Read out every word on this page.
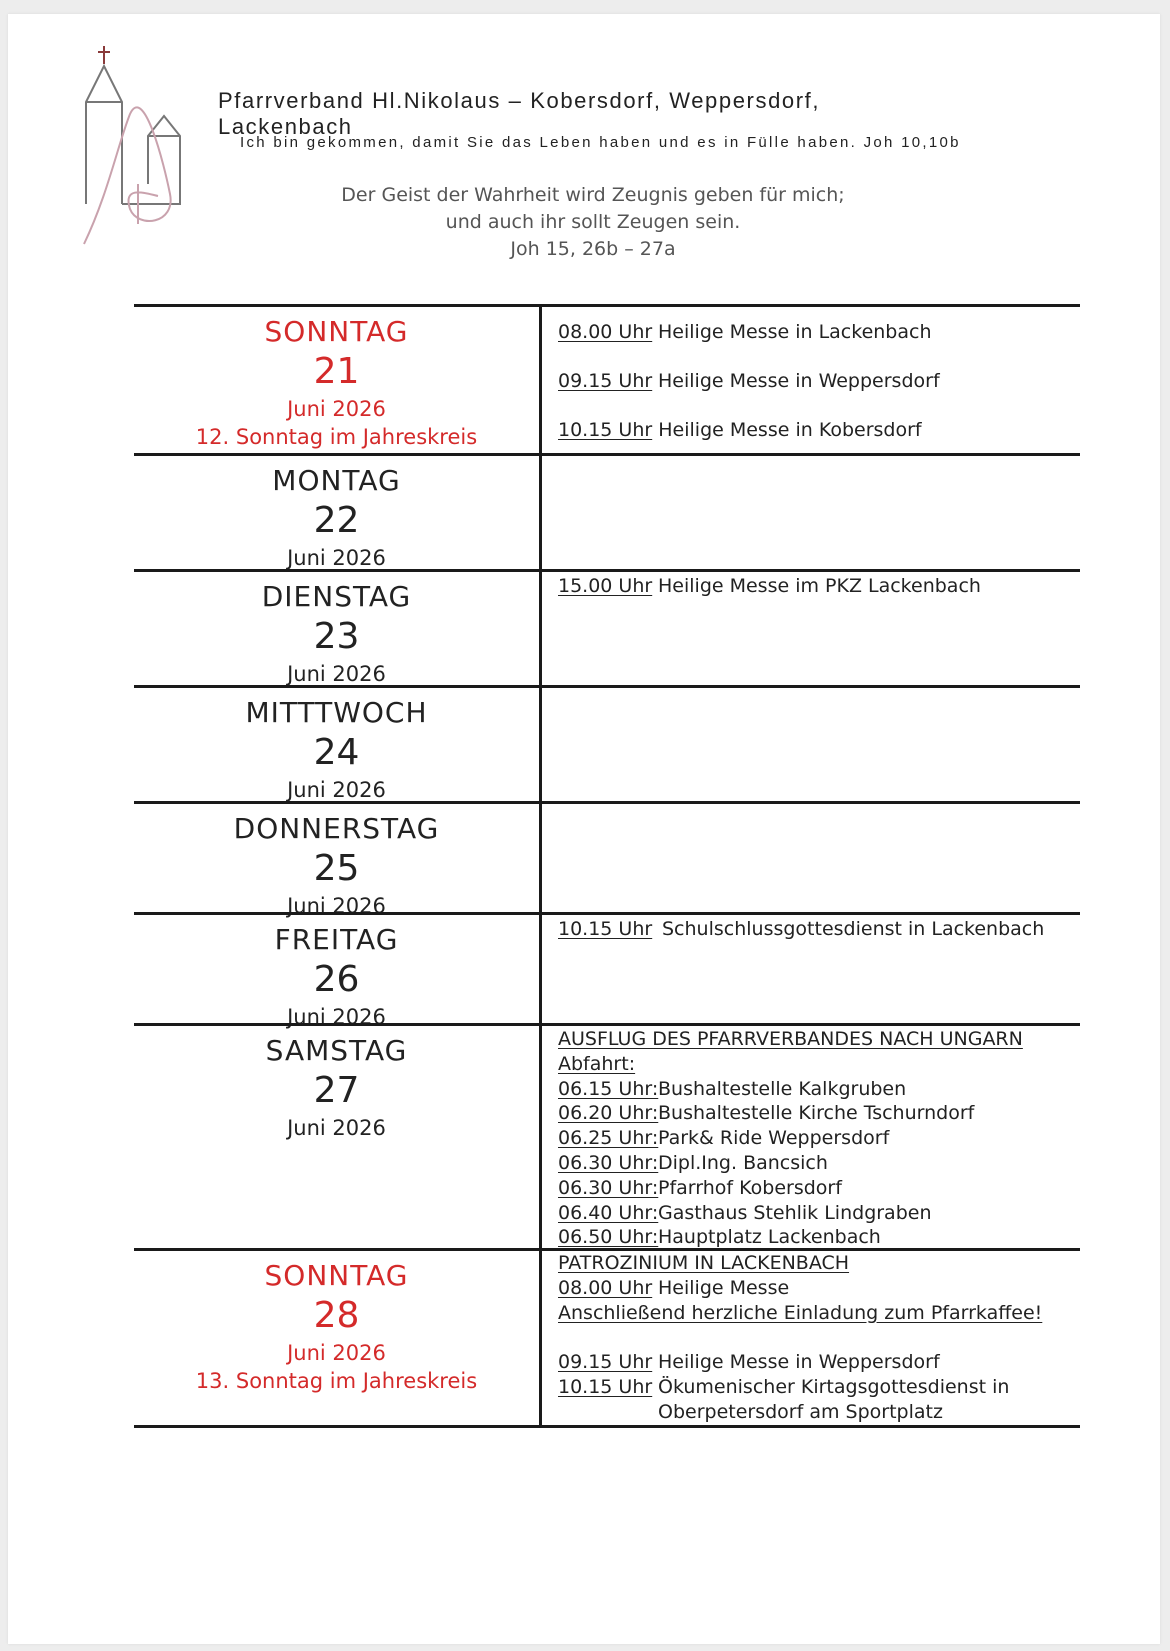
Pfarrverband Hl.Nikolaus – Kobersdorf, Weppersdorf, Lackenbach
Ich bin gekommen, damit Sie das Leben haben und es in Fülle haben. Joh 10,10b
Der Geist der Wahrheit wird Zeugnis geben für mich;
und auch ihr sollt Zeugen sein.
Joh 15, 26b – 27a
SONNTAG
21
Juni 2026
12. Sonntag im Jahreskreis
08.00 Uhr Heilige Messe in Lackenbach
09.15 Uhr Heilige Messe in Weppersdorf
10.15 Uhr Heilige Messe in Kobersdorf
MONTAG
22
Juni 2026
DIENSTAG
23
Juni 2026
15.00 Uhr Heilige Messe im PKZ Lackenbach
MITTTWOCH
24
Juni 2026
DONNERSTAG
25
Juni 2026
FREITAG
26
Juni 2026
10.15 Uhr Schulschlussgottesdienst in Lackenbach
SAMSTAG
27
Juni 2026
AUSFLUG DES PFARRVERBANDES NACH UNGARN
Abfahrt:
06.15 Uhr:Bushaltestelle Kalkgruben
06.20 Uhr:Bushaltestelle Kirche Tschurndorf
06.25 Uhr:Park& Ride Weppersdorf
06.30 Uhr:Dipl.Ing. Bancsich
06.30 Uhr:Pfarrhof Kobersdorf
06.40 Uhr:Gasthaus Stehlik Lindgraben
06.50 Uhr:Hauptplatz Lackenbach
SONNTAG
28
Juni 2026
13. Sonntag im Jahreskreis
PATROZINIUM IN LACKENBACH
08.00 Uhr Heilige Messe
Anschließend herzliche Einladung zum Pfarrkaffee!
09.15 Uhr Heilige Messe in Weppersdorf
10.15 Uhr Ökumenischer Kirtagsgottesdienst in
Oberpetersdorf am Sportplatz
